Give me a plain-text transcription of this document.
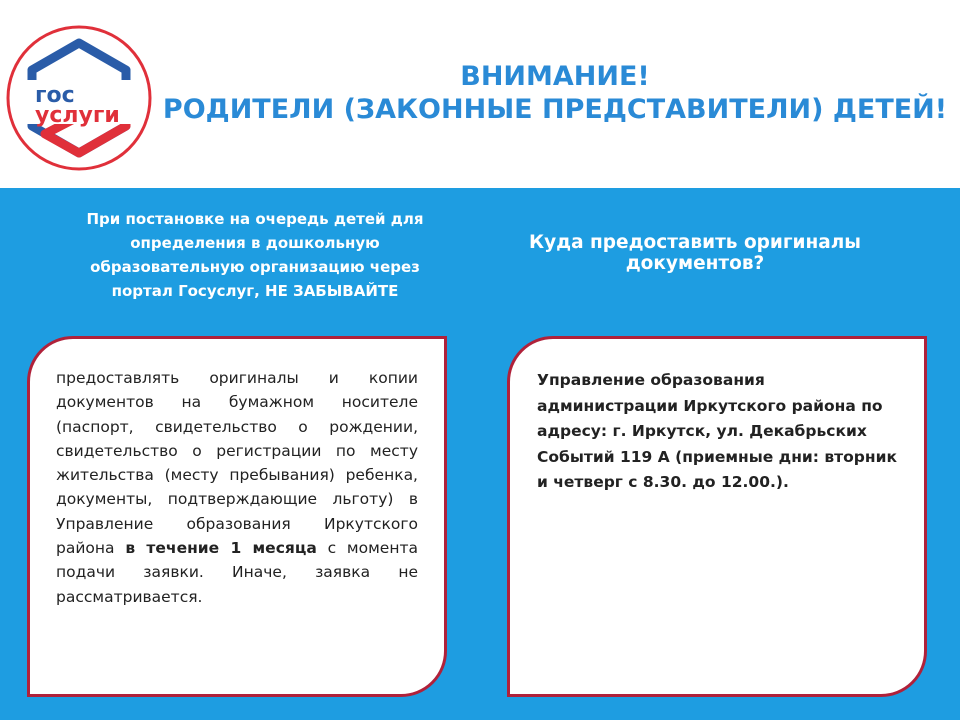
гос
услуги
ВНИМАНИЕ!
РОДИТЕЛИ (ЗАКОННЫЕ ПРЕДСТАВИТЕЛИ) ДЕТЕЙ!
При постановке на очередь детей для определения в дошкольную образовательную организацию через портал Госуслуг, НЕ ЗАБЫВАЙТЕ
Куда предоставить оригиналы документов?
предоставлять оригиналы и копии документов на бумажном носителе (паспорт, свидетельство о рождении, свидетельство о регистрации по месту жительства (месту пребывания) ребенка, документы, подтверждающие льготу) в Управление образования Иркутского района в течение 1 месяца с момента подачи заявки. Иначе, заявка не рассматривается.
Управление образования администрации Иркутского района по адресу: г. Иркутск, ул. Декабрьских Событий 119 А (приемные дни: вторник и четверг с 8.30. до 12.00.).
